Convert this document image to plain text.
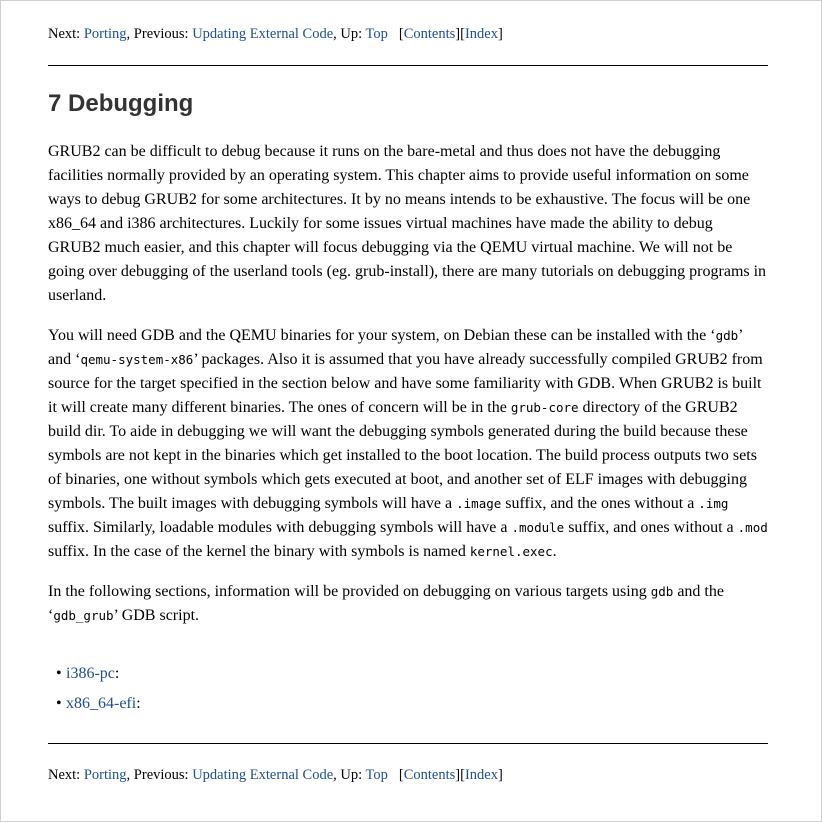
Next: Porting, Previous: Updating External Code, Up: Top [Contents][Index]
7 Debugging

GRUB2 can be difficult to debug because it runs on the bare-metal and thus does not have the debugging facilities normally provided by an operating system. This chapter aims to provide useful information on some ways to debug GRUB2 for some architectures. It by no means intends to be exhaustive. The focus will be one x86_64 and i386 architectures. Luckily for some issues virtual machines have made the ability to debug GRUB2 much easier, and this chapter will focus debugging via the QEMU virtual machine. We will not be going over debugging of the userland tools (eg. grub-install), there are many tutorials on debugging programs in userland.

You will need GDB and the QEMU binaries for your system, on Debian these can be installed with the ‘gdb’ and ‘qemu-system-x86’ packages. Also it is assumed that you have already successfully compiled GRUB2 from source for the target specified in the section below and have some familiarity with GDB. When GRUB2 is built it will create many different binaries. The ones of concern will be in the grub-core directory of the GRUB2 build dir. To aide in debugging we will want the debugging symbols generated during the build because these symbols are not kept in the binaries which get installed to the boot location. The build process outputs two sets of binaries, one without symbols which gets executed at boot, and another set of ELF images with debugging symbols. The built images with debugging symbols will have a .image suffix, and the ones without a .img suffix. Similarly, loadable modules with debugging symbols will have a .module suffix, and ones without a .mod suffix. In the case of the kernel the binary with symbols is named kernel.exec.

In the following sections, information will be provided on debugging on various targets using gdb and the ‘gdb_grub’ GDB script.

• i386-pc:
• x86_64-efi:
Next: Porting, Previous: Updating External Code, Up: Top [Contents][Index]
